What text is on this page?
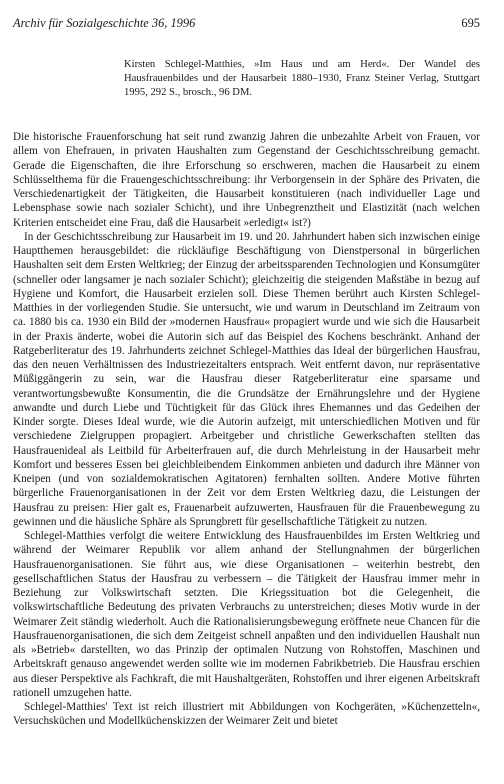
Archiv für Sozialgeschichte 36, 1996	695
Kirsten Schlegel-Matthies, »Im Haus und am Herd«. Der Wandel des Hausfrauenbildes und der Hausarbeit 1880–1930, Franz Steiner Verlag, Stuttgart 1995, 292 S., brosch., 96 DM.

Die historische Frauenforschung hat seit rund zwanzig Jahren die unbezahlte Arbeit von Frauen, vor allem von Ehefrauen, in privaten Haushalten zum Gegenstand der Geschichtsschreibung gemacht. Gerade die Eigenschaften, die ihre Erforschung so erschweren, machen die Hausarbeit zu einem Schlüsselthema für die Frauengeschichtsschreibung: ihr Verborgensein in der Sphäre des Privaten, die Verschiedenartigkeit der Tätigkeiten, die Hausarbeit konstituieren (nach individueller Lage und Lebensphase sowie nach sozialer Schicht), und ihre Unbegrenztheit und Elastizität (nach welchen Kriterien entscheidet eine Frau, daß die Hausarbeit »erledigt« ist?)

In der Geschichtsschreibung zur Hausarbeit im 19. und 20. Jahrhundert haben sich inzwischen einige Hauptthemen herausgebildet: die rückläufige Beschäftigung von Dienstpersonal in bürgerlichen Haushalten seit dem Ersten Weltkrieg; der Einzug der arbeitssparenden Technologien und Konsumgüter (schneller oder langsamer je nach sozialer Schicht); gleichzeitig die steigenden Maßstäbe in bezug auf Hygiene und Komfort, die Hausarbeit erzielen soll. Diese Themen berührt auch Kirsten Schlegel-Matthies in der vorliegenden Studie. Sie untersucht, wie und warum in Deutschland im Zeitraum von ca. 1880 bis ca. 1930 ein Bild der »modernen Hausfrau« propagiert wurde und wie sich die Hausarbeit in der Praxis änderte, wobei die Autorin sich auf das Beispiel des Kochens beschränkt. Anhand der Ratgeberliteratur des 19. Jahrhunderts zeichnet Schlegel-Matthies das Ideal der bürgerlichen Hausfrau, das den neuen Verhältnissen des Industriezeitalters entsprach. Weit entfernt davon, nur repräsentative Müßiggängerin zu sein, war die Hausfrau dieser Ratgeberliteratur eine sparsame und verantwortungsbewußte Konsumentin, die die Grundsätze der Ernährungslehre und der Hygiene anwandte und durch Liebe und Tüchtigkeit für das Glück ihres Ehemannes und das Gedeihen der Kinder sorgte. Dieses Ideal wurde, wie die Autorin aufzeigt, mit unterschiedlichen Motiven und für verschiedene Zielgruppen propagiert. Arbeitgeber und christliche Gewerkschaften stellten das Hausfrauenideal als Leitbild für Arbeiterfrauen auf, die durch Mehrleistung in der Hausarbeit mehr Komfort und besseres Essen bei gleichbleibendem Einkommen anbieten und dadurch ihre Männer von Kneipen (und von sozialdemokratischen Agitatoren) fernhalten sollten. Andere Motive führten bürgerliche Frauenorganisationen in der Zeit vor dem Ersten Weltkrieg dazu, die Leistungen der Hausfrau zu preisen: Hier galt es, Frauenarbeit aufzuwerten, Hausfrauen für die Frauenbewegung zu gewinnen und die häusliche Sphäre als Sprungbrett für gesellschaftliche Tätigkeit zu nutzen.

Schlegel-Matthies verfolgt die weitere Entwicklung des Hausfrauenbildes im Ersten Weltkrieg und während der Weimarer Republik vor allem anhand der Stellungnahmen der bürgerlichen Hausfrauenorganisationen. Sie führt aus, wie diese Organisationen – weiterhin bestrebt, den gesellschaftlichen Status der Hausfrau zu verbessern – die Tätigkeit der Hausfrau immer mehr in Beziehung zur Volkswirtschaft setzten. Die Kriegssituation bot die Gelegenheit, die volkswirtschaftliche Bedeutung des privaten Verbrauchs zu unterstreichen; dieses Motiv wurde in der Weimarer Zeit ständig wiederholt. Auch die Rationalisierungsbewegung eröffnete neue Chancen für die Hausfrauenorganisationen, die sich dem Zeitgeist schnell anpaßten und den individuellen Haushalt nun als »Betrieb« darstellten, wo das Prinzip der optimalen Nutzung von Rohstoffen, Maschinen und Arbeitskraft genauso angewendet werden sollte wie im modernen Fabrikbetrieb. Die Hausfrau erschien aus dieser Perspektive als Fachkraft, die mit Haushaltgeräten, Rohstoffen und ihrer eigenen Arbeitskraft rationell umzugehen hatte.

Schlegel-Matthies' Text ist reich illustriert mit Abbildungen von Kochgeräten, »Küchenzetteln«, Versuchsküchen und Modellküchenskizzen der Weimarer Zeit und bietet
